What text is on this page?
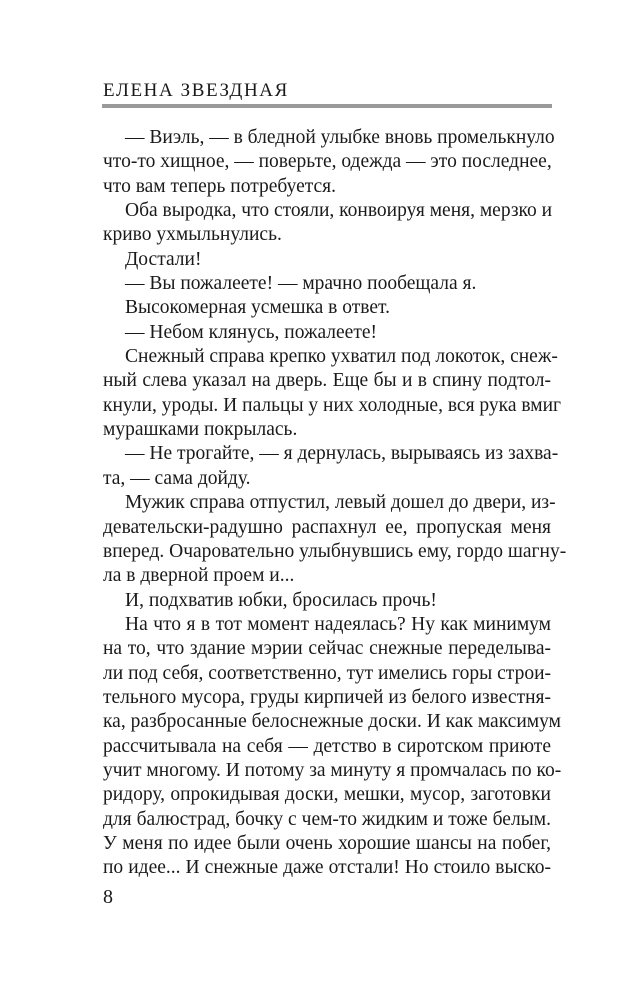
ЕЛЕНА ЗВЕЗДНАЯ
— Виэль, — в бледной улыбке вновь промелькнуло
что-то хищное, — поверьте, одежда — это последнее,
что вам теперь потребуется.
Оба выродка, что стояли, конвоируя меня, мерзко и
криво ухмыльнулись.
Достали!
— Вы пожалеете! — мрачно пообещала я.
Высокомерная усмешка в ответ.
— Небом клянусь, пожалеете!
Снежный справа крепко ухватил под локоток, снеж-
ный слева указал на дверь. Еще бы и в спину подтол-
кнули, уроды. И пальцы у них холодные, вся рука вмиг
мурашками покрылась.
— Не трогайте, — я дернулась, вырываясь из захва-
та, — сама дойду.
Мужик справа отпустил, левый дошел до двери, из-
девательски-радушно распахнул ее, пропуская меня
вперед. Очаровательно улыбнувшись ему, гордо шагну-
ла в дверной проем и...
И, подхватив юбки, бросилась прочь!
На что я в тот момент надеялась? Ну как минимум
на то, что здание мэрии сейчас снежные переделыва-
ли под себя, соответственно, тут имелись горы строи-
тельного мусора, груды кирпичей из белого известня-
ка, разбросанные белоснежные доски. И как максимум
рассчитывала на себя — детство в сиротском приюте
учит многому. И потому за минуту я промчалась по ко-
ридору, опрокидывая доски, мешки, мусор, заготовки
для балюстрад, бочку с чем-то жидким и тоже белым.
У меня по идее были очень хорошие шансы на побег,
по идее... И снежные даже отстали! Но стоило выско-
8
